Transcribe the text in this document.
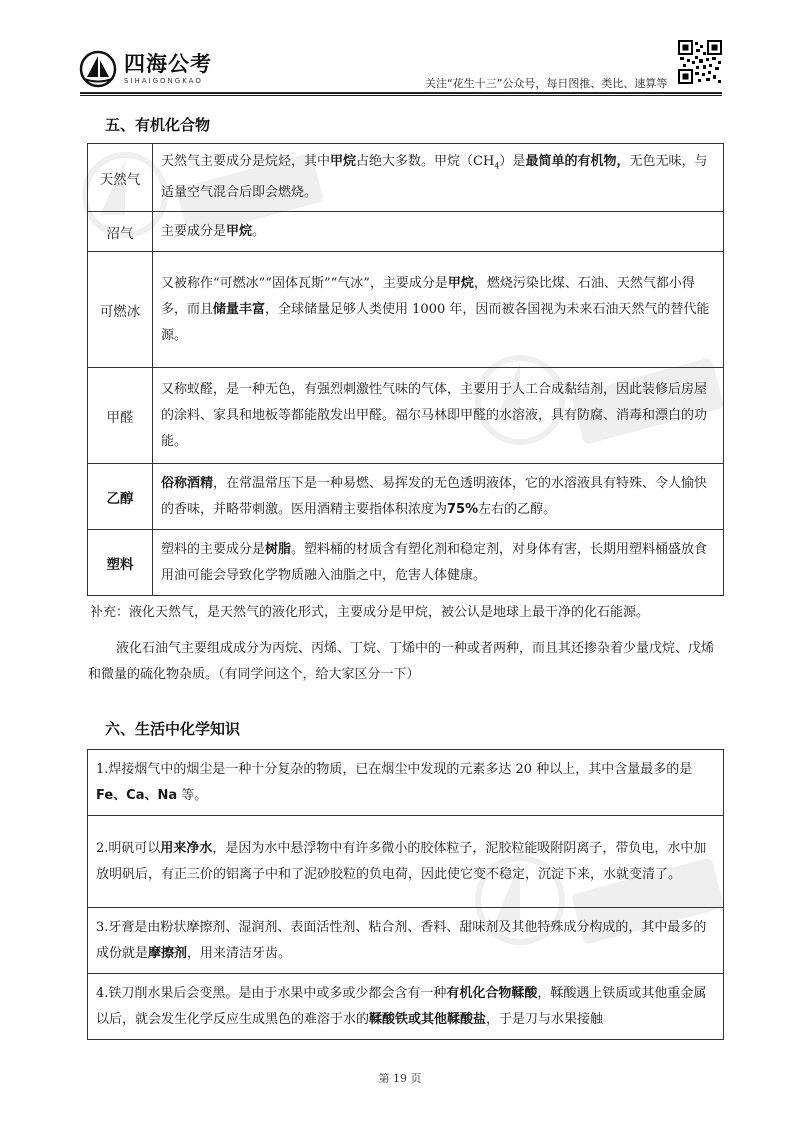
四海公考
SIHAIGONGKAO	关注“花生十三”公众号，每日图推、类比、速算等
五、有机化合物
天然气	天然气主要成分是烷烃，其中甲烷占绝大多数。甲烷$(CH_4)$是最简单的有机物，无色无味，与适量空气混合后即会燃烧。
沼气	主要成分是甲烷。
可燃冰	又被称作“可燃冰”“固体瓦斯”“气冰”，主要成分是甲烷，燃烧污染比煤、石油、天然气都小得多，而且储量丰富，全球储量足够人类使用 1000 年，因而被各国视为未来石油天然气的替代能源。
甲醛	又称蚁醛，是一种无色，有强烈刺激性气味的气体，主要用于人工合成黏结剂，因此装修后房屋的涂料、家具和地板等都能散发出甲醛。福尔马林即甲醛的水溶液，具有防腐、消毒和漂白的功能。
乙醇	俗称酒精，在常温常压下是一种易燃、易挥发的无色透明液体，它的水溶液具有特殊、令人愉快的香味，并略带刺激。医用酒精主要指体积浓度为75%左右的乙醇。
塑料	塑料的主要成分是树脂。塑料桶的材质含有塑化剂和稳定剂，对身体有害，长期用塑料桶盛放食用油可能会导致化学物质融入油脂之中，危害人体健康。
补充：液化天然气，是天然气的液化形式，主要成分是甲烷，被公认是地球上最干净的化石能源。
液化石油气主要组成成分为丙烷、丙烯、丁烷、丁烯中的一种或者两种，而且其还掺杂着少量戊烷、戊烯和微量的硫化物杂质。（有同学问这个，给大家区分一下）
六、生活中化学知识
1.焊接烟气中的烟尘是一种十分复杂的物质，已在烟尘中发现的元素多达 20 种以上，其中含量最多的是 Fe、Ca、Na 等。
2.明矾可以用来净水，是因为水中悬浮物中有许多微小的胶体粒子，泥胶粒能吸附阴离子，带负电，水中加放明矾后，有正三价的铝离子中和了泥砂胶粒的负电荷，因此使它变不稳定，沉淀下来，水就变清了。
3.牙膏是由粉状摩擦剂、湿润剂、表面活性剂、粘合剂、香料、甜味剂及其他特殊成分构成的，其中最多的成份就是摩擦剂，用来清洁牙齿。
4.铁刀削水果后会变黑。是由于水果中或多或少都会含有一种有机化合物鞣酸，鞣酸遇上铁质或其他重金属以后，就会发生化学反应生成黑色的难溶于水的鞣酸铁或其他鞣酸盐，于是刀与水果接触
第 19 页
